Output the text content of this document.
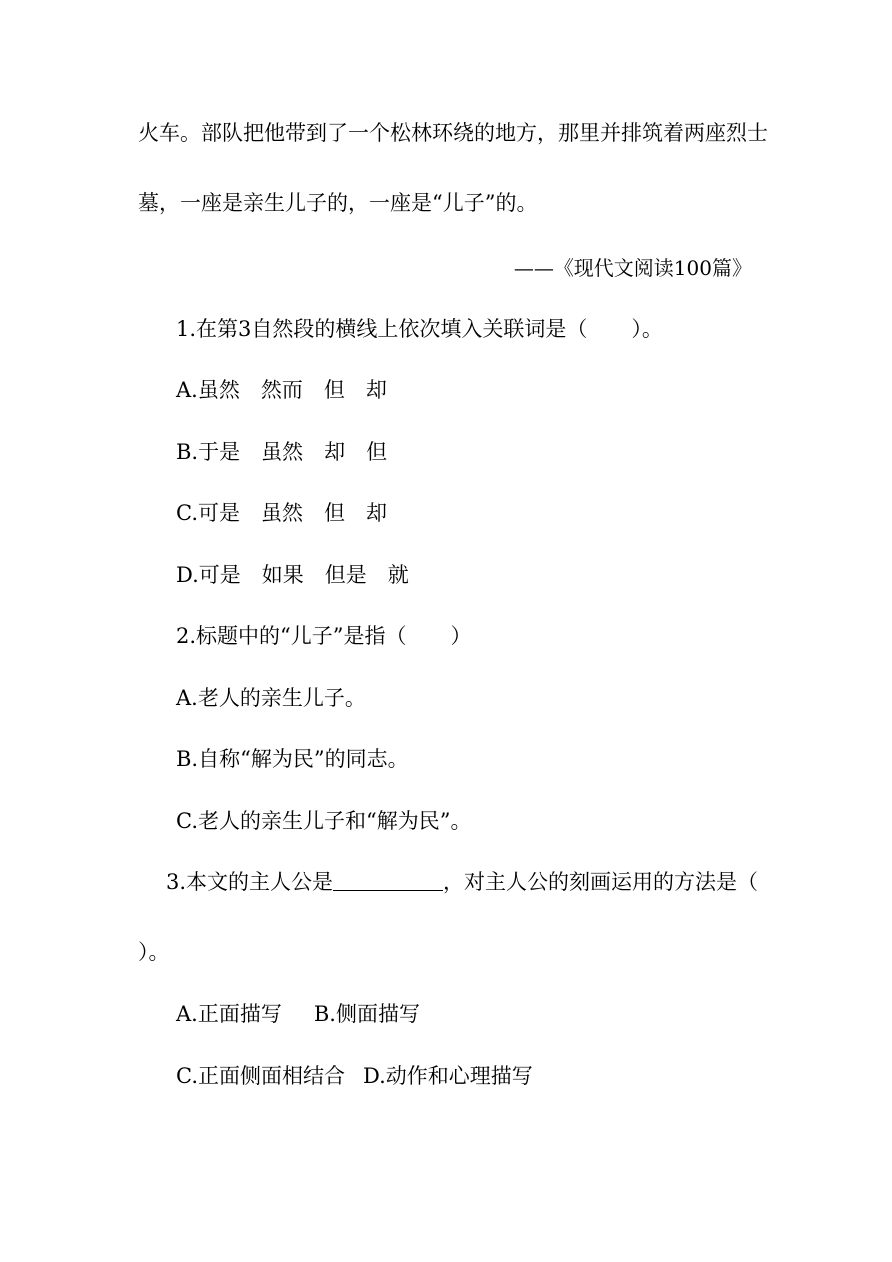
火车。部队把他带到了一个松林环绕的地方，那里并排筑着两座烈士
墓，一座是亲生儿子的，一座是“儿子”的。
——《现代文阅读100篇》
1.在第3自然段的横线上依次填入关联词是（ ）。
A.虽然 然而 但 却
B.于是 虽然 却 但
C.可是 虽然 但 却
D.可是 如果 但是 就
2.标题中的“儿子”是指（ ）
A.老人的亲生儿子。
B.自称“解为民”的同志。
C.老人的亲生儿子和“解为民”。
3.本文的主人公是	，对主人公的刻画运用的方法是（
）。
A.正面描写 B.侧面描写
C.正面侧面相结合 D.动作和心理描写
